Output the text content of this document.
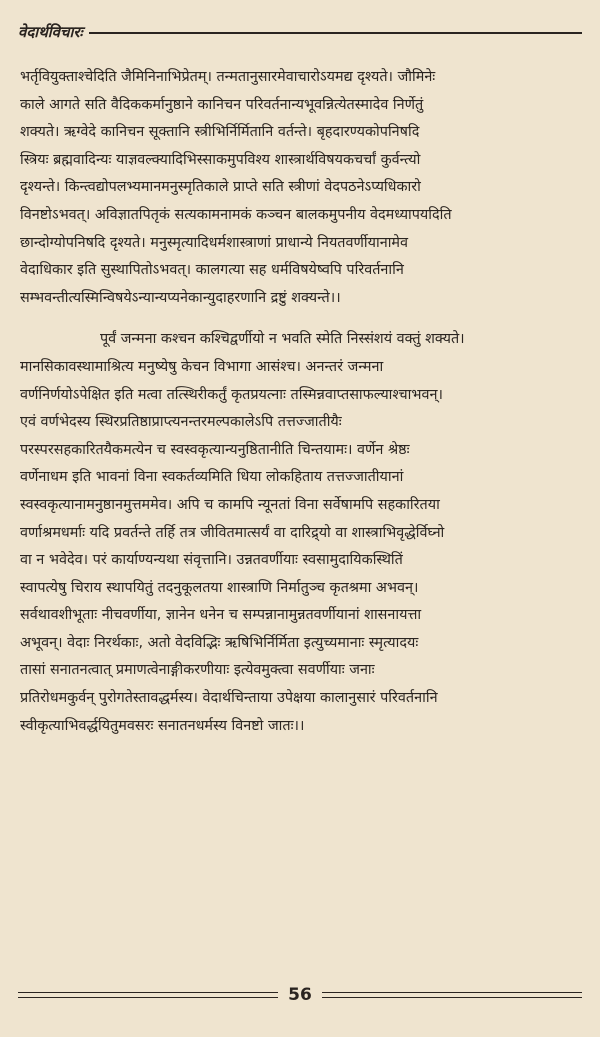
वेदार्थविचारः

भर्तृवियुक्ताश्चेदिति जैमिनिनाभिप्रेतम्। तन्मतानुसारमेवाचारोऽयमद्य दृश्यते। जौमिनेः
काले आगते सति वैदिककर्मानुष्ठाने कानिचन परिवर्तनान्यभूवन्नित्येतस्मादेव निर्णेतुं
शक्यते। ऋग्वेदे कानिचन सूक्तानि स्त्रीभिर्निर्मितानि वर्तन्ते। बृहदारण्यकोपनिषदि
स्त्रियः ब्रह्मवादिन्यः याज्ञवल्क्यादिभिस्साकमुपविश्य शास्त्रार्थविषयकचर्चां कुर्वन्त्यो
दृश्यन्ते। किन्त्वद्योपलभ्यमानमनुस्मृतिकाले प्राप्ते सति स्त्रीणां वेदपठनेऽप्यधिकारो
विनष्टोऽभवत्। अविज्ञातपितृकं सत्यकामनामकं कञ्चन बालकमुपनीय वेदमध्यापयदिति
छान्दोग्योपनिषदि दृश्यते। मनुस्मृत्यादिधर्मशास्त्राणां प्राधान्ये नियतवर्णीयानामेव
वेदाधिकार इति सुस्थापितोऽभवत्। कालगत्या सह धर्मविषयेष्वपि परिवर्तनानि
सम्भवन्तीत्यस्मिन्विषयेऽन्यान्यप्यनेकान्युदाहरणानि द्रष्टुं शक्यन्ते।।

पूर्वं जन्मना कश्चन कश्चिद्वर्णीयो न भवति स्मेति निस्संशयं वक्तुं शक्यते।
मानसिकावस्थामाश्रित्य मनुष्येषु केचन विभागा आसंश्च। अनन्तरं जन्मना
वर्णनिर्णयोऽपेक्षित इति मत्वा तत्स्थिरीकर्तुं कृतप्रयत्नाः तस्मिन्नवाप्तसाफल्याश्चाभवन्।
एवं वर्णभेदस्य स्थिरप्रतिष्ठाप्राप्त्यनन्तरमल्पकालेऽपि तत्तज्जातीयैः
परस्परसहकारितयैकमत्येन च स्वस्वकृत्यान्यनुष्ठितानीति चिन्तयामः। वर्णेन श्रेष्ठः
वर्णेनाधम इति भावनां विना स्वकर्तव्यमिति धिया लोकहिताय तत्तज्जातीयानां
स्वस्वकृत्यानामनुष्ठानमुत्तममेव। अपि च कामपि न्यूनतां विना सर्वेषामपि सहकारितया
वर्णाश्रमधर्माः यदि प्रवर्तन्ते तर्हि तत्र जीवितमात्सर्यं वा दारिद्र्यो वा शास्त्राभिवृद्धेर्विघ्नो
वा न भवेदेव। परं कार्याण्यन्यथा संवृत्तानि। उन्नतवर्णीयाः स्वसामुदायिकस्थितिं
स्वापत्येषु चिराय स्थापयितुं तदनुकूलतया शास्त्राणि निर्मातुञ्च कृतश्रमा अभवन्।
सर्वथावशीभूताः नीचवर्णीया, ज्ञानेन धनेन च सम्पन्नानामुन्नतवर्णीयानां शासनायत्ता
अभूवन्। वेदाः निरर्थकाः, अतो वेदविद्भिः ऋषिभिर्निर्मिता इत्युच्यमानाः स्मृत्यादयः
तासां सनातनत्वात् प्रमाणत्वेनाङ्गीकरणीयाः इत्येवमुक्त्वा सवर्णीयाः जनाः
प्रतिरोधमकुर्वन् पुरोगतेस्तावद्धर्मस्य। वेदार्थचिन्ताया उपेक्षया कालानुसारं परिवर्तनानि
स्वीकृत्याभिवर्द्धयितुमवसरः सनातनधर्मस्य विनष्टो जातः।।

56
